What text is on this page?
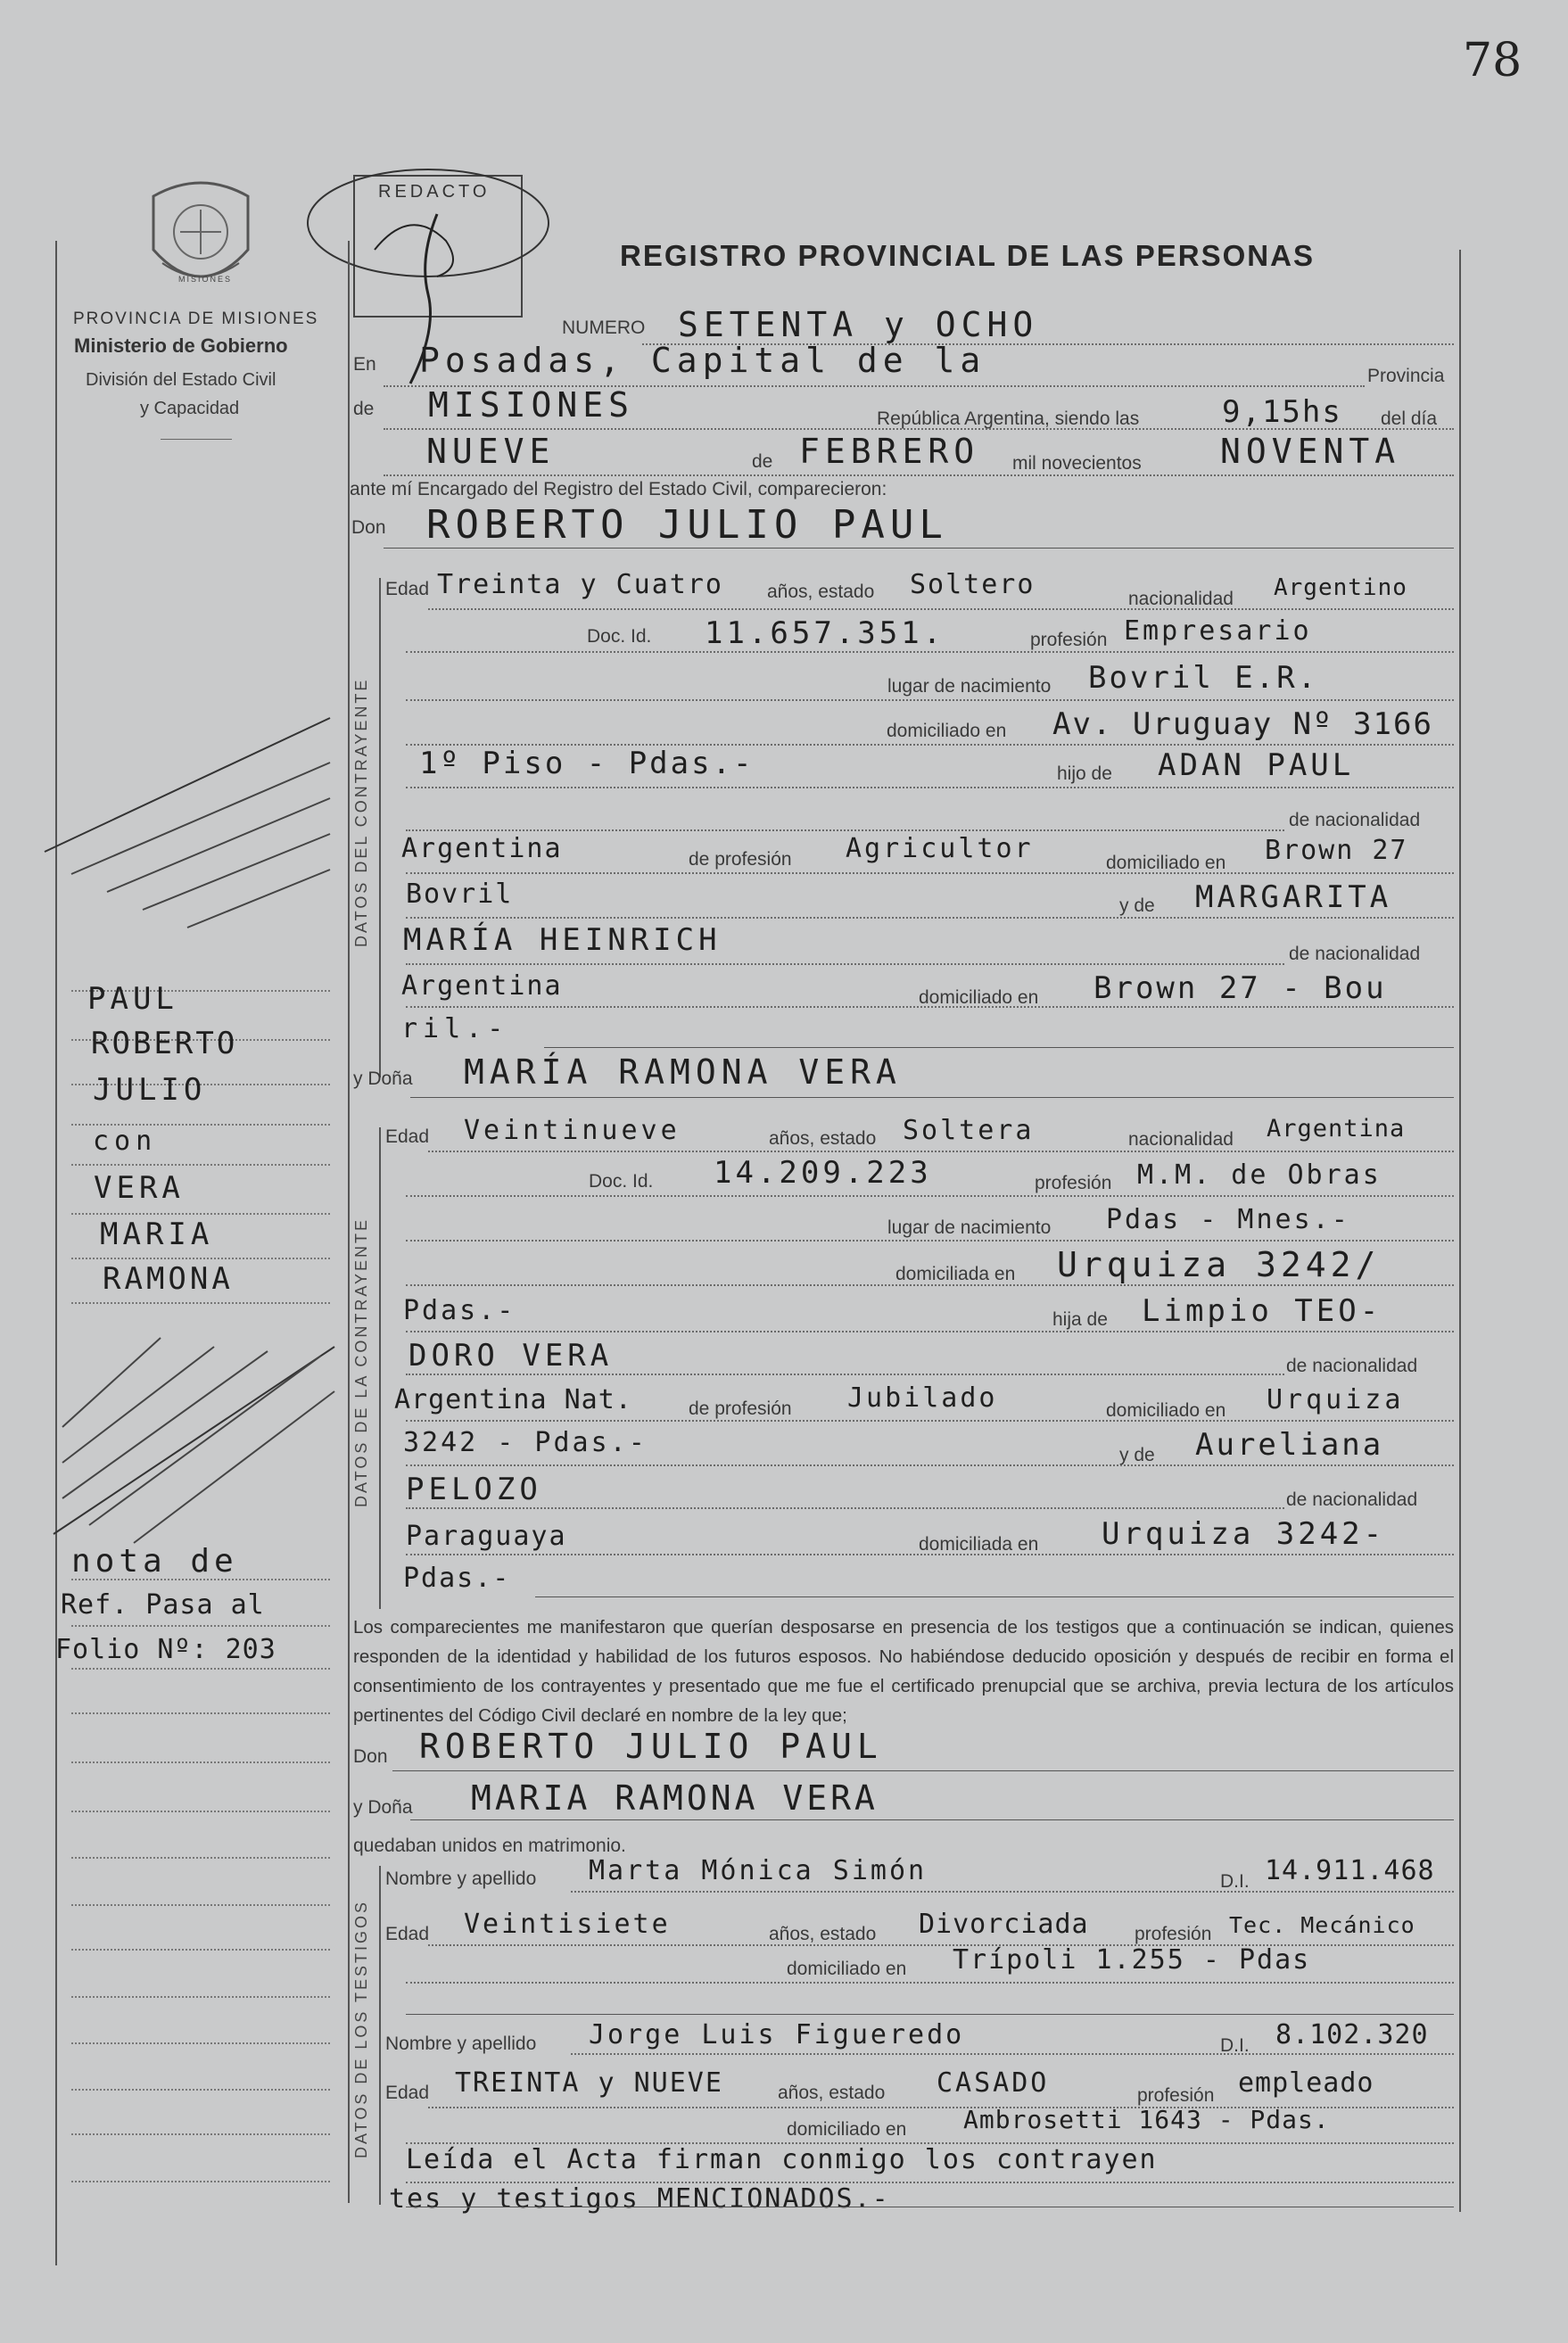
78
MISIONES
PROVINCIA DE MISIONES
Ministerio de Gobierno
División del Estado Civil
y Capacidad
REDACTO
REGISTRO PROVINCIAL DE LAS PERSONAS
NUMERO SETENTA y OCHO
En Posadas, Capital de la	Provincia
de MISIONES	República Argentina, siendo las	9,15hs del día
NUEVE	de FEBRERO mil novecientos NOVENTA
ante mí Encargado del Registro del Estado Civil, comparecieron:
Don ROBERTO JULIO PAUL
DATOS DEL CONTRAYENTE
Edad Treinta y Cuatro años, estado Soltero	nacionalidad Argentino
Doc. Id. 11.657.351.	profesión Empresario
lugar de nacimiento Bovril E.R.
domiciliado en Av. Uruguay Nº 3166
1º Piso - Pdas.-	hijo de ADAN PAUL
de nacionalidad
Argentina	de profesión Agricultor	domiciliado en Brown 27
Bovril	y de MARGARITA
MARÍA HEINRICH	de nacionalidad
Argentina	domiciliado en Brown 27 - Bou
ril.-
y Doña MARÍA RAMONA VERA
DATOS DE LA CONTRAYENTE
Edad Veintinueve	años, estado Soltera	nacionalidad Argentina
Doc. Id. 14.209.223	profesión M.M. de Obras
lugar de nacimiento Pdas - Mnes.-
domiciliada en Urquiza 3242/
Pdas.-	hija de Limpio TEO-
DORO VERA	de nacionalidad
Argentina Nat.	de profesión Jubilado	domiciliado en Urquiza
3242 - Pdas.-	y de Aureliana
PELOZO	de nacionalidad
Paraguaya	domiciliada en Urquiza 3242-
Pdas.-
Los comparecientes me manifestaron que querían desposarse en presencia de los testigos que a continuación se indican, quienes responden de la identidad y habilidad de los futuros esposos. No habiéndose deducido oposición y después de recibir en forma el consentimiento de los contrayentes y presentado que me fue el certificado prenupcial que se archiva, previa lectura de los artículos pertinentes del Código Civil declaré en nombre de la ley que;
Don ROBERTO JULIO PAUL
y Doña MARIA RAMONA VERA
quedaban unidos en matrimonio.
DATOS DE LOS TESTIGOS
Nombre y apellido Marta Mónica Simón	D.I. 14.911.468
Edad Veintisiete	años, estado Divorciada profesión Tec. Mecánico
domiciliado en Trípoli 1.255 - Pdas
Nombre y apellido Jorge Luis Figueredo	D.I. 8.102.320
Edad TREINTA y NUEVE	años, estado CASADO	profesión empleado
domiciliado en Ambrosetti 1643 - Pdas.
Leída el Acta firman conmigo los contrayen
tes y testigos MENCIONADOS.-
PAUL
ROBERTO
JULIO
con
VERA
MARIA
RAMONA
nota de
Ref. Pasa al
Folio Nº: 203
